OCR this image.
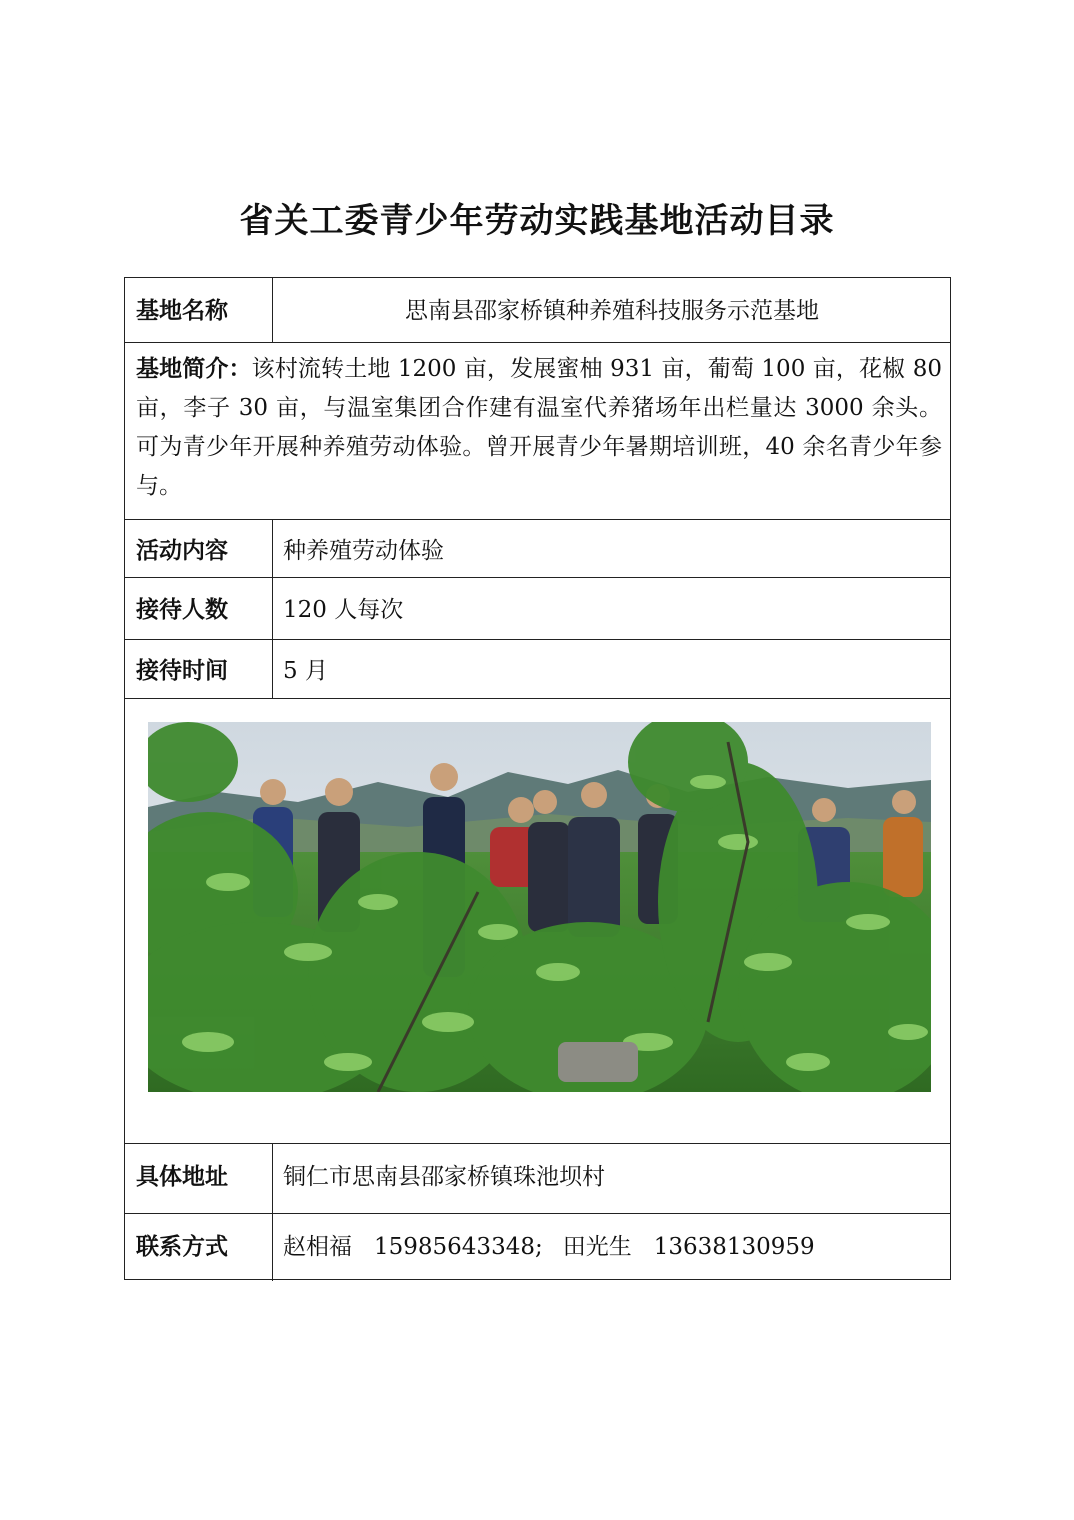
省关工委青少年劳动实践基地活动目录
基地名称	思南县邵家桥镇种养殖科技服务示范基地
基地简介：该村流转土地 1200 亩，发展蜜柚 931 亩，葡萄 100 亩，花椒 80 亩，李子 30 亩，与温室集团合作建有温室代养猪场年出栏量达 3000 余头。可为青少年开展种养殖劳动体验。曾开展青少年暑期培训班，40 余名青少年参与。
活动内容 种养殖劳动体验
接待人数 120 人每次
接待时间 5 月
具体地址 铜仁市思南县邵家桥镇珠池坝村
联系方式 赵相福 15985643348; 田光生 13638130959
